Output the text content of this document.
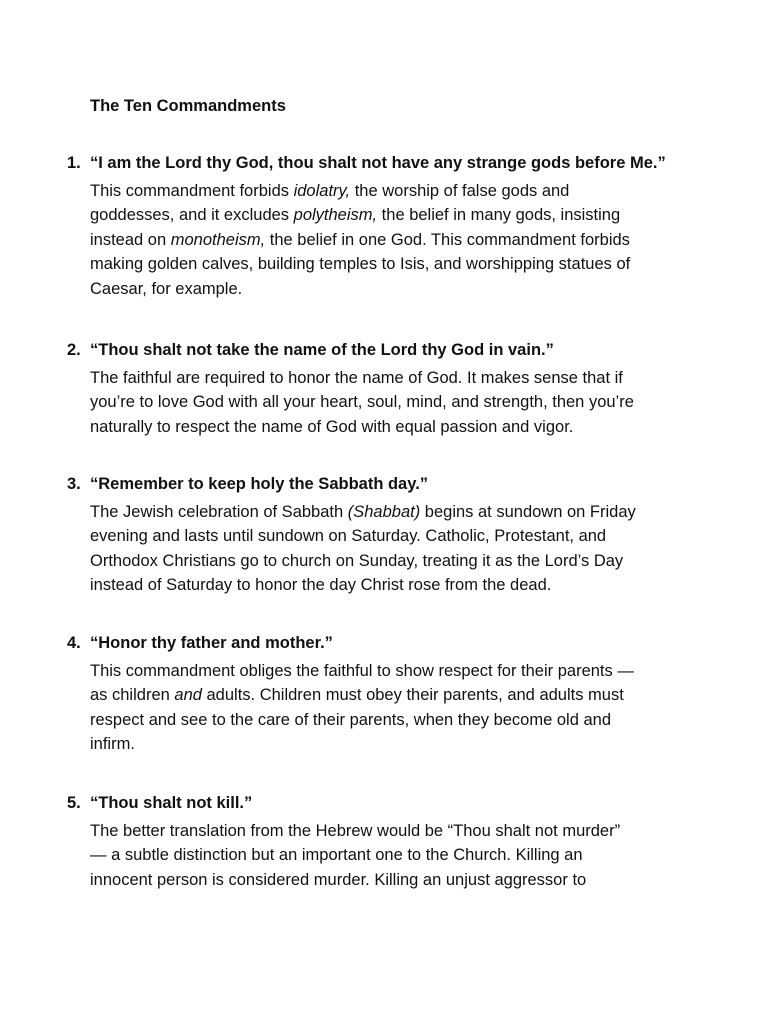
The Ten Commandments
1. “I am the Lord thy God, thou shalt not have any strange gods before Me.”
This commandment forbids idolatry, the worship of false gods and
goddesses, and it excludes polytheism, the belief in many gods, insisting
instead on monotheism, the belief in one God. This commandment forbids
making golden calves, building temples to Isis, and worshipping statues of
Caesar, for example.
2. “Thou shalt not take the name of the Lord thy God in vain.”
The faithful are required to honor the name of God. It makes sense that if
you’re to love God with all your heart, soul, mind, and strength, then you’re
naturally to respect the name of God with equal passion and vigor.
3. “Remember to keep holy the Sabbath day.”
The Jewish celebration of Sabbath (Shabbat) begins at sundown on Friday
evening and lasts until sundown on Saturday. Catholic, Protestant, and
Orthodox Christians go to church on Sunday, treating it as the Lord’s Day
instead of Saturday to honor the day Christ rose from the dead.
4. “Honor thy father and mother.”
This commandment obliges the faithful to show respect for their parents —
as children and adults. Children must obey their parents, and adults must
respect and see to the care of their parents, when they become old and
infirm.
5. “Thou shalt not kill.”
The better translation from the Hebrew would be “Thou shalt not murder”
— a subtle distinction but an important one to the Church. Killing an
innocent person is considered murder. Killing an unjust aggressor to
